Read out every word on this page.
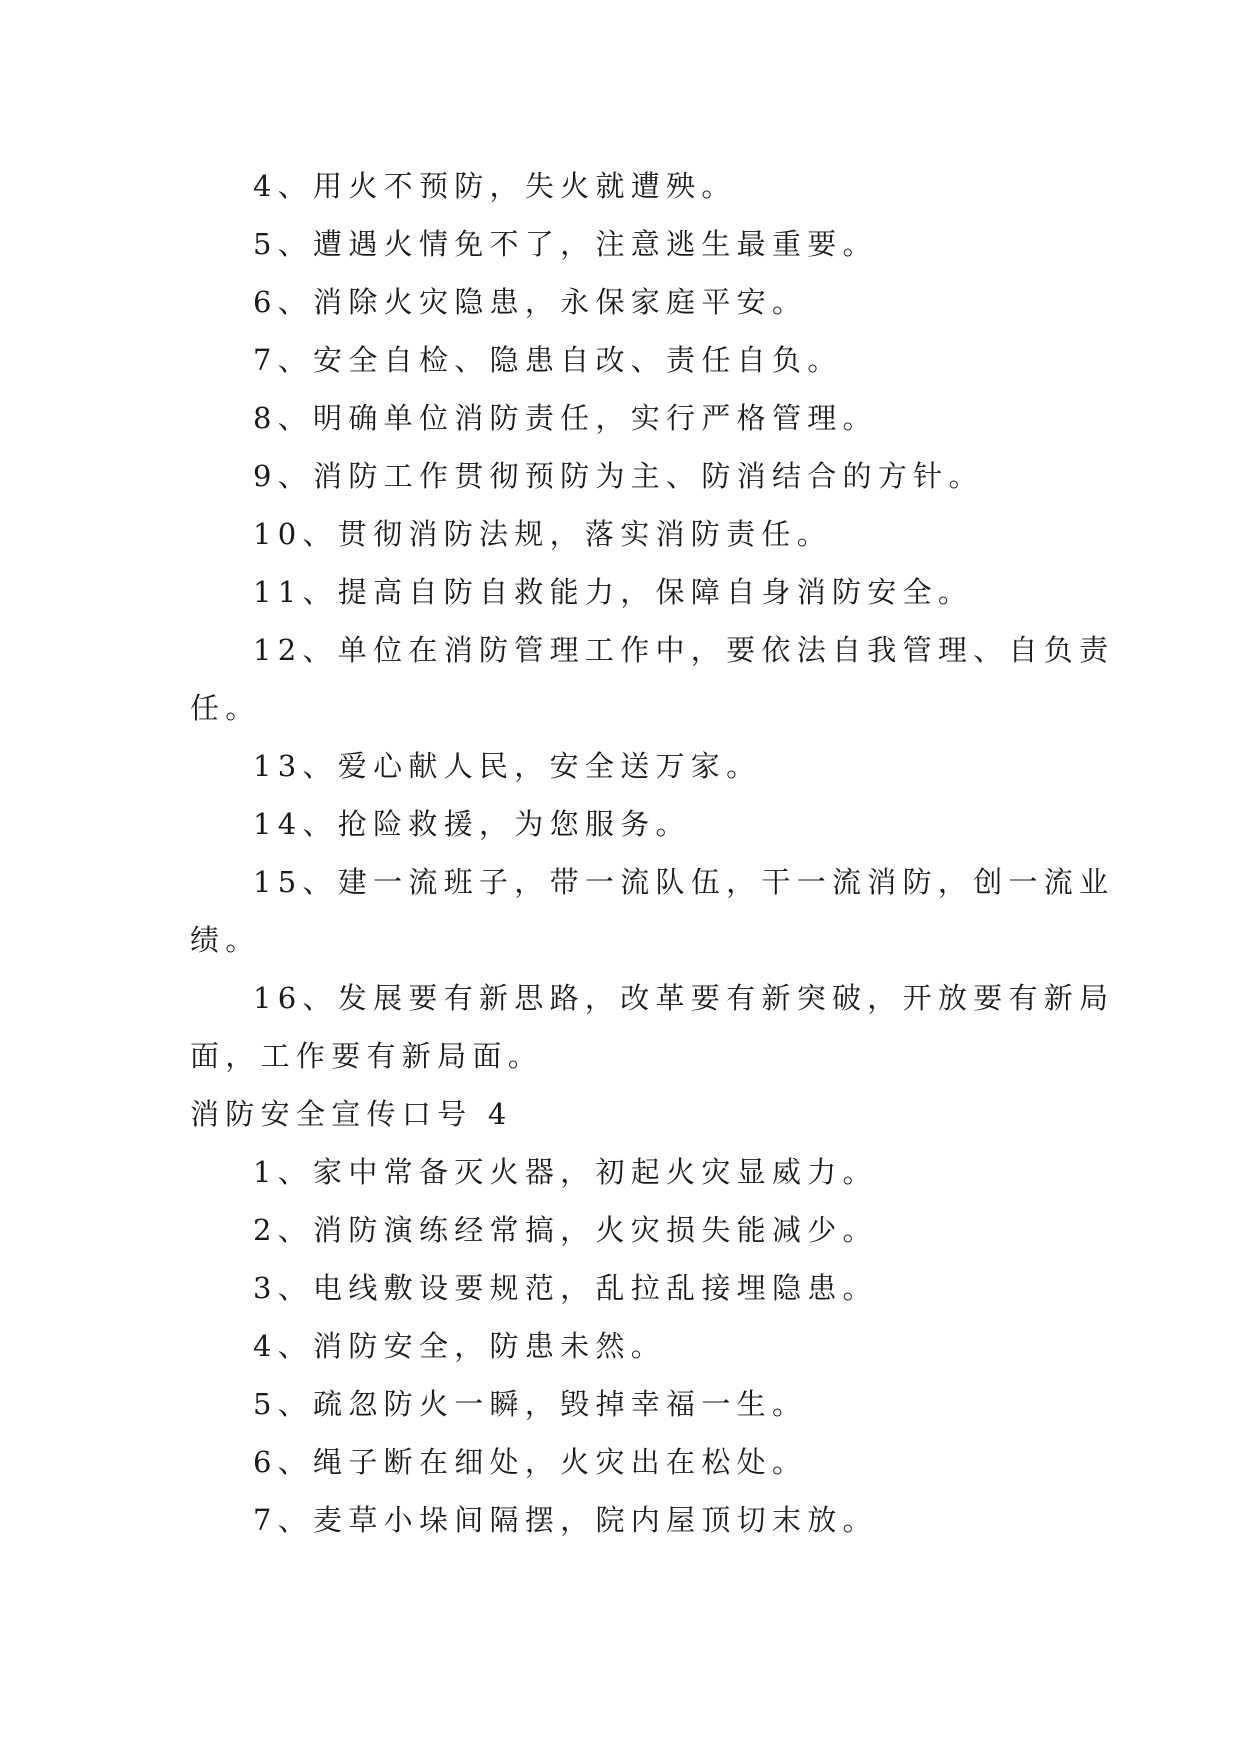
4、用火不预防，失火就遭殃。
5、遭遇火情免不了，注意逃生最重要。
6、消除火灾隐患，永保家庭平安。
7、安全自检、隐患自改、责任自负。
8、明确单位消防责任，实行严格管理。
9、消防工作贯彻预防为主、防消结合的方针。
10、贯彻消防法规，落实消防责任。
11、提高自防自救能力，保障自身消防安全。
12、单位在消防管理工作中，要依法自我管理、自负责
任。
13、爱心献人民，安全送万家。
14、抢险救援，为您服务。
15、建一流班子，带一流队伍，干一流消防，创一流业
绩。
16、发展要有新思路，改革要有新突破，开放要有新局
面，工作要有新局面。
消防安全宣传口号 4
1、家中常备灭火器，初起火灾显威力。
2、消防演练经常搞，火灾损失能减少。
3、电线敷设要规范，乱拉乱接埋隐患。
4、消防安全，防患未然。
5、疏忽防火一瞬，毁掉幸福一生。
6、绳子断在细处，火灾出在松处。
7、麦草小垛间隔摆，院内屋顶切末放。
